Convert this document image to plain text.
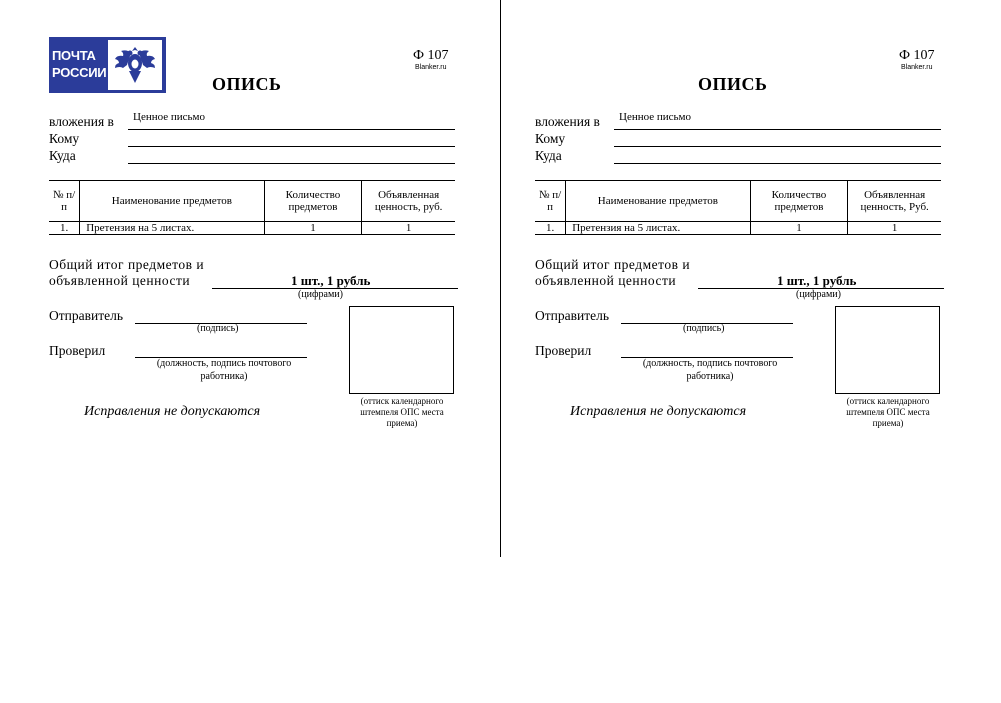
ПОЧТА
РОССИИ
Ф 107
Blanker.ru
ОПИСЬ
вложения в Ценное письмо
Кому
Куда
№ п/п	Наименование предметов	Количество предметов	Объявленная ценность, руб.
1.	Претензия на 5 листах.	1	1
Общий итог предметов и
объявленной ценности	1 шт., 1 рубль
(цифрами)
Отправитель
(подпись)
Проверил
(должность, подпись почтового работника)
(оттиск календарного штемпеля ОПС места приема)
Исправления не допускаются
Ф 107
Blanker.ru
ОПИСЬ
вложения в Ценное письмо
Кому
Куда
№ п/п	Наименование предметов	Количество предметов	Объявленная ценность, Руб.
1.	Претензия на 5 листах.	1	1
Общий итог предметов и
объявленной ценности	1 шт., 1 рубль
(цифрами)
Отправитель
(подпись)
Проверил
(должность, подпись почтового работника)
(оттиск календарного штемпеля ОПС места приема)
Исправления не допускаются
